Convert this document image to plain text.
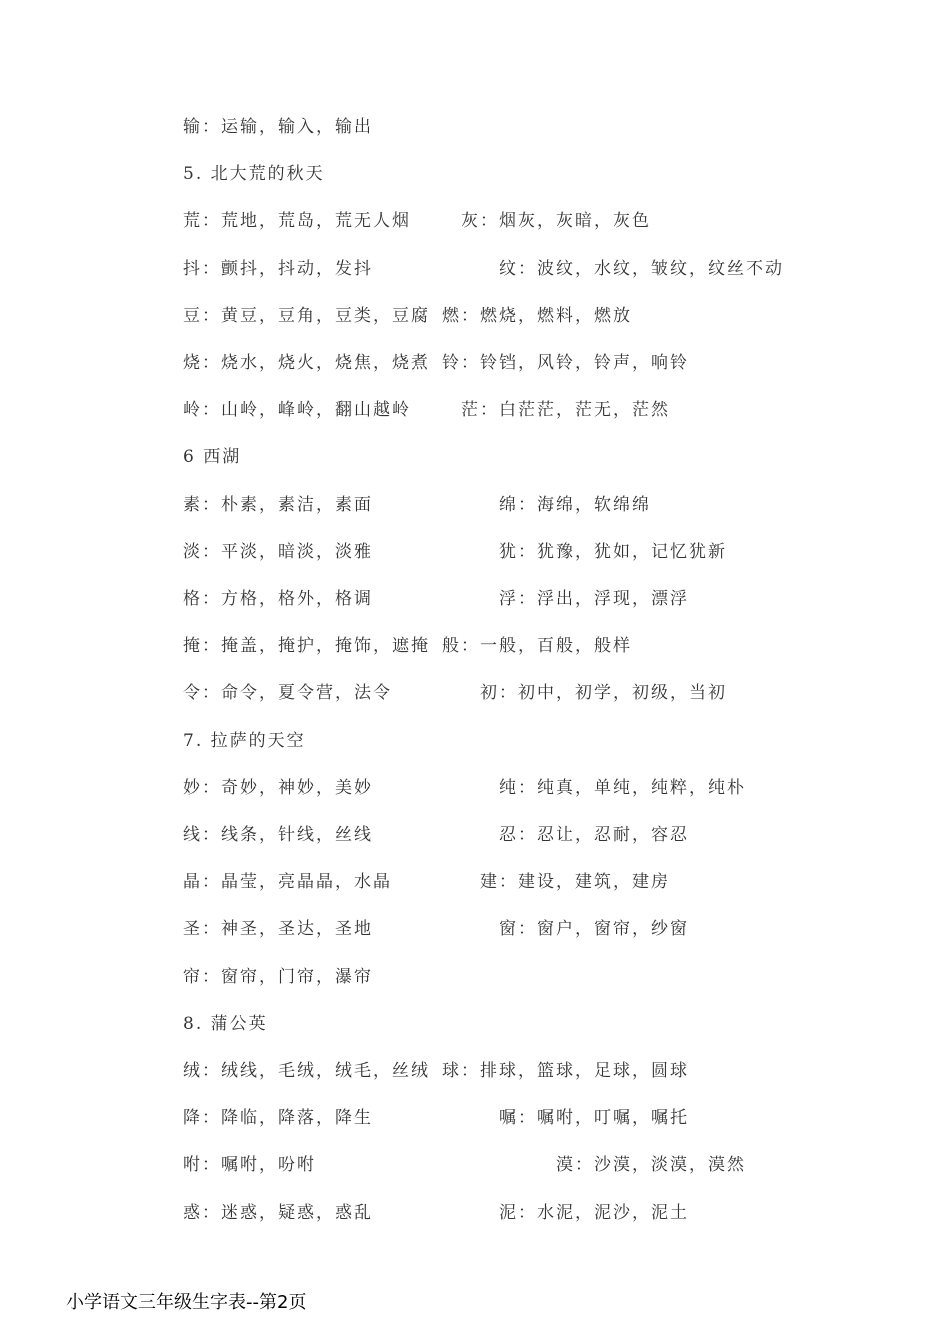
输：运输，输入，输出
5. 北大荒的秋天
荒：荒地，荒岛，荒无人烟	灰：烟灰，灰暗，灰色
抖：颤抖，抖动，发抖	纹：波纹，水纹，皱纹，纹丝不动
豆：黄豆，豆角，豆类，豆腐 燃：燃烧，燃料，燃放
烧：烧水，烧火，烧焦，烧煮 铃：铃铛，风铃，铃声，响铃
岭：山岭，峰岭，翻山越岭	茫：白茫茫，茫无，茫然
6 西湖
素：朴素，素洁，素面	绵：海绵，软绵绵
淡：平淡，暗淡，淡雅	犹：犹豫，犹如，记忆犹新
格：方格，格外，格调	浮：浮出，浮现，漂浮
掩：掩盖，掩护，掩饰，遮掩 般：一般，百般，般样
令：命令，夏令营，法令	初：初中，初学，初级，当初
7. 拉萨的天空
妙：奇妙，神妙，美妙	纯：纯真，单纯，纯粹，纯朴
线：线条，针线，丝线	忍：忍让，忍耐，容忍
晶：晶莹，亮晶晶，水晶	建：建设，建筑，建房
圣：神圣，圣达，圣地	窗：窗户，窗帘，纱窗
帘：窗帘，门帘，瀑帘
8. 蒲公英
绒：绒线，毛绒，绒毛，丝绒 球：排球，篮球，足球，圆球
降：降临，降落，降生	嘱：嘱咐，叮嘱，嘱托
咐：嘱咐，吩咐	漠：沙漠，淡漠，漠然
惑：迷惑，疑惑，惑乱	泥：水泥，泥沙，泥土
小学语文三年级生字表--第2页
